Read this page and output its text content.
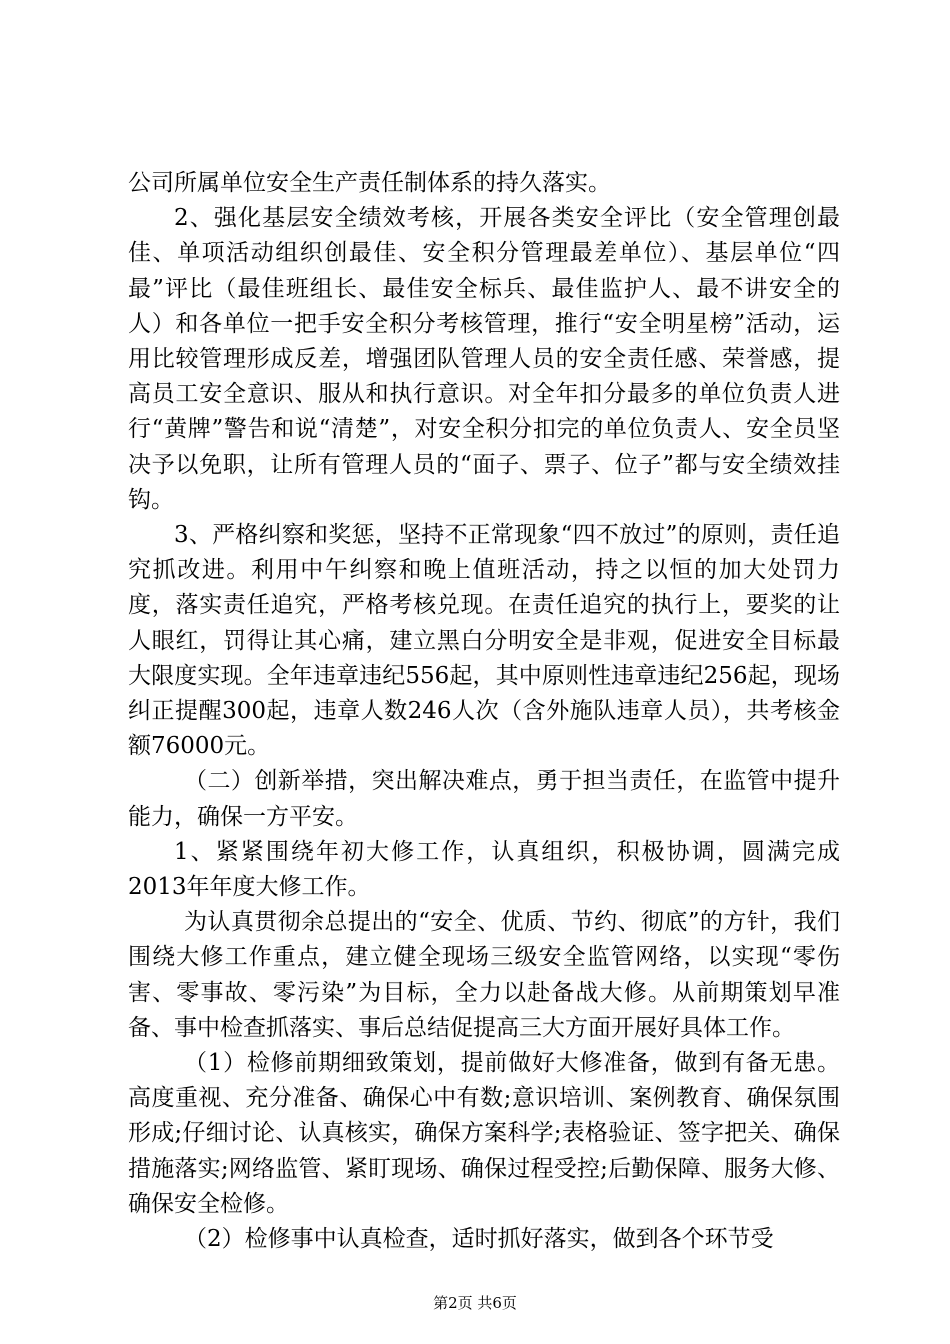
公司所属单位安全生产责任制体系的持久落实。

2、强化基层安全绩效考核，开展各类安全评比（安全管理创最佳、单项活动组织创最佳、安全积分管理最差单位）、基层单位“四最”评比（最佳班组长、最佳安全标兵、最佳监护人、最不讲安全的人）和各单位一把手安全积分考核管理，推行“安全明星榜”活动，运用比较管理形成反差，增强团队管理人员的安全责任感、荣誉感，提高员工安全意识、服从和执行意识。对全年扣分最多的单位负责人进行“黄牌”警告和说“清楚”，对安全积分扣完的单位负责人、安全员坚决予以免职，让所有管理人员的“面子、票子、位子”都与安全绩效挂钩。

3、严格纠察和奖惩，坚持不正常现象“四不放过”的原则，责任追究抓改进。利用中午纠察和晚上值班活动，持之以恒的加大处罚力度，落实责任追究，严格考核兑现。在责任追究的执行上，要奖的让人眼红，罚得让其心痛，建立黑白分明安全是非观，促进安全目标最大限度实现。全年违章违纪556起，其中原则性违章违纪256起，现场纠正提醒300起，违章人数246人次（含外施队违章人员），共考核金额76000元。

（二）创新举措，突出解决难点，勇于担当责任，在监管中提升能力，确保一方平安。

1、紧紧围绕年初大修工作，认真组织，积极协调，圆满完成2013年年度大修工作。

为认真贯彻余总提出的“安全、优质、节约、彻底”的方针，我们围绕大修工作重点，建立健全现场三级安全监管网络，以实现“零伤害、零事故、零污染”为目标，全力以赴备战大修。从前期策划早准备、事中检查抓落实、事后总结促提高三大方面开展好具体工作。

（1）检修前期细致策划，提前做好大修准备，做到有备无患。高度重视、充分准备、确保心中有数;意识培训、案例教育、确保氛围形成;仔细讨论、认真核实，确保方案科学;表格验证、签字把关、确保措施落实;网络监管、紧盯现场、确保过程受控;后勤保障、服务大修、确保安全检修。

（2）检修事中认真检查，适时抓好落实，做到各个环节受

第2页 共6页
